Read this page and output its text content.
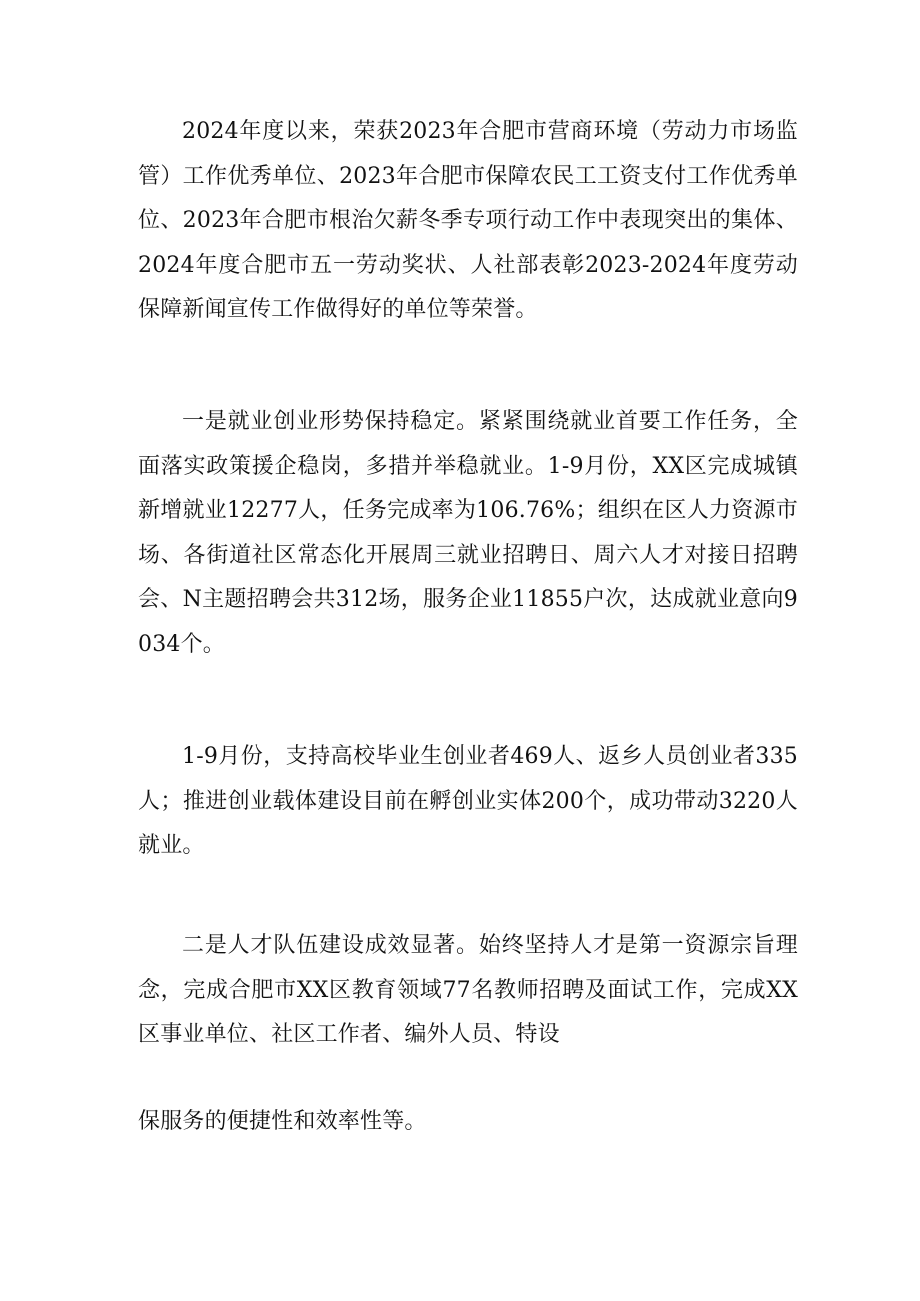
2024年度以来，荣获2023年合肥市营商环境（劳动力市场监管）工作优秀单位、2023年合肥市保障农民工工资支付工作优秀单位、2023年合肥市根治欠薪冬季专项行动工作中表现突出的集体、2024年度合肥市五一劳动奖状、人社部表彰2023-2024年度劳动保障新闻宣传工作做得好的单位等荣誉。

一是就业创业形势保持稳定。紧紧围绕就业首要工作任务，全面落实政策援企稳岗，多措并举稳就业。1-9月份，XX区完成城镇新增就业12277人，任务完成率为106.76%；组织在区人力资源市场、各街道社区常态化开展周三就业招聘日、周六人才对接日招聘会、N主题招聘会共312场，服务企业11855户次，达成就业意向9034个。

1-9月份，支持高校毕业生创业者469人、返乡人员创业者335人；推进创业载体建设目前在孵创业实体200个，成功带动3220人就业。

二是人才队伍建设成效显著。始终坚持人才是第一资源宗旨理念，完成合肥市XX区教育领域77名教师招聘及面试工作，完成XX区事业单位、社区工作者、编外人员、特设

保服务的便捷性和效率性等。
